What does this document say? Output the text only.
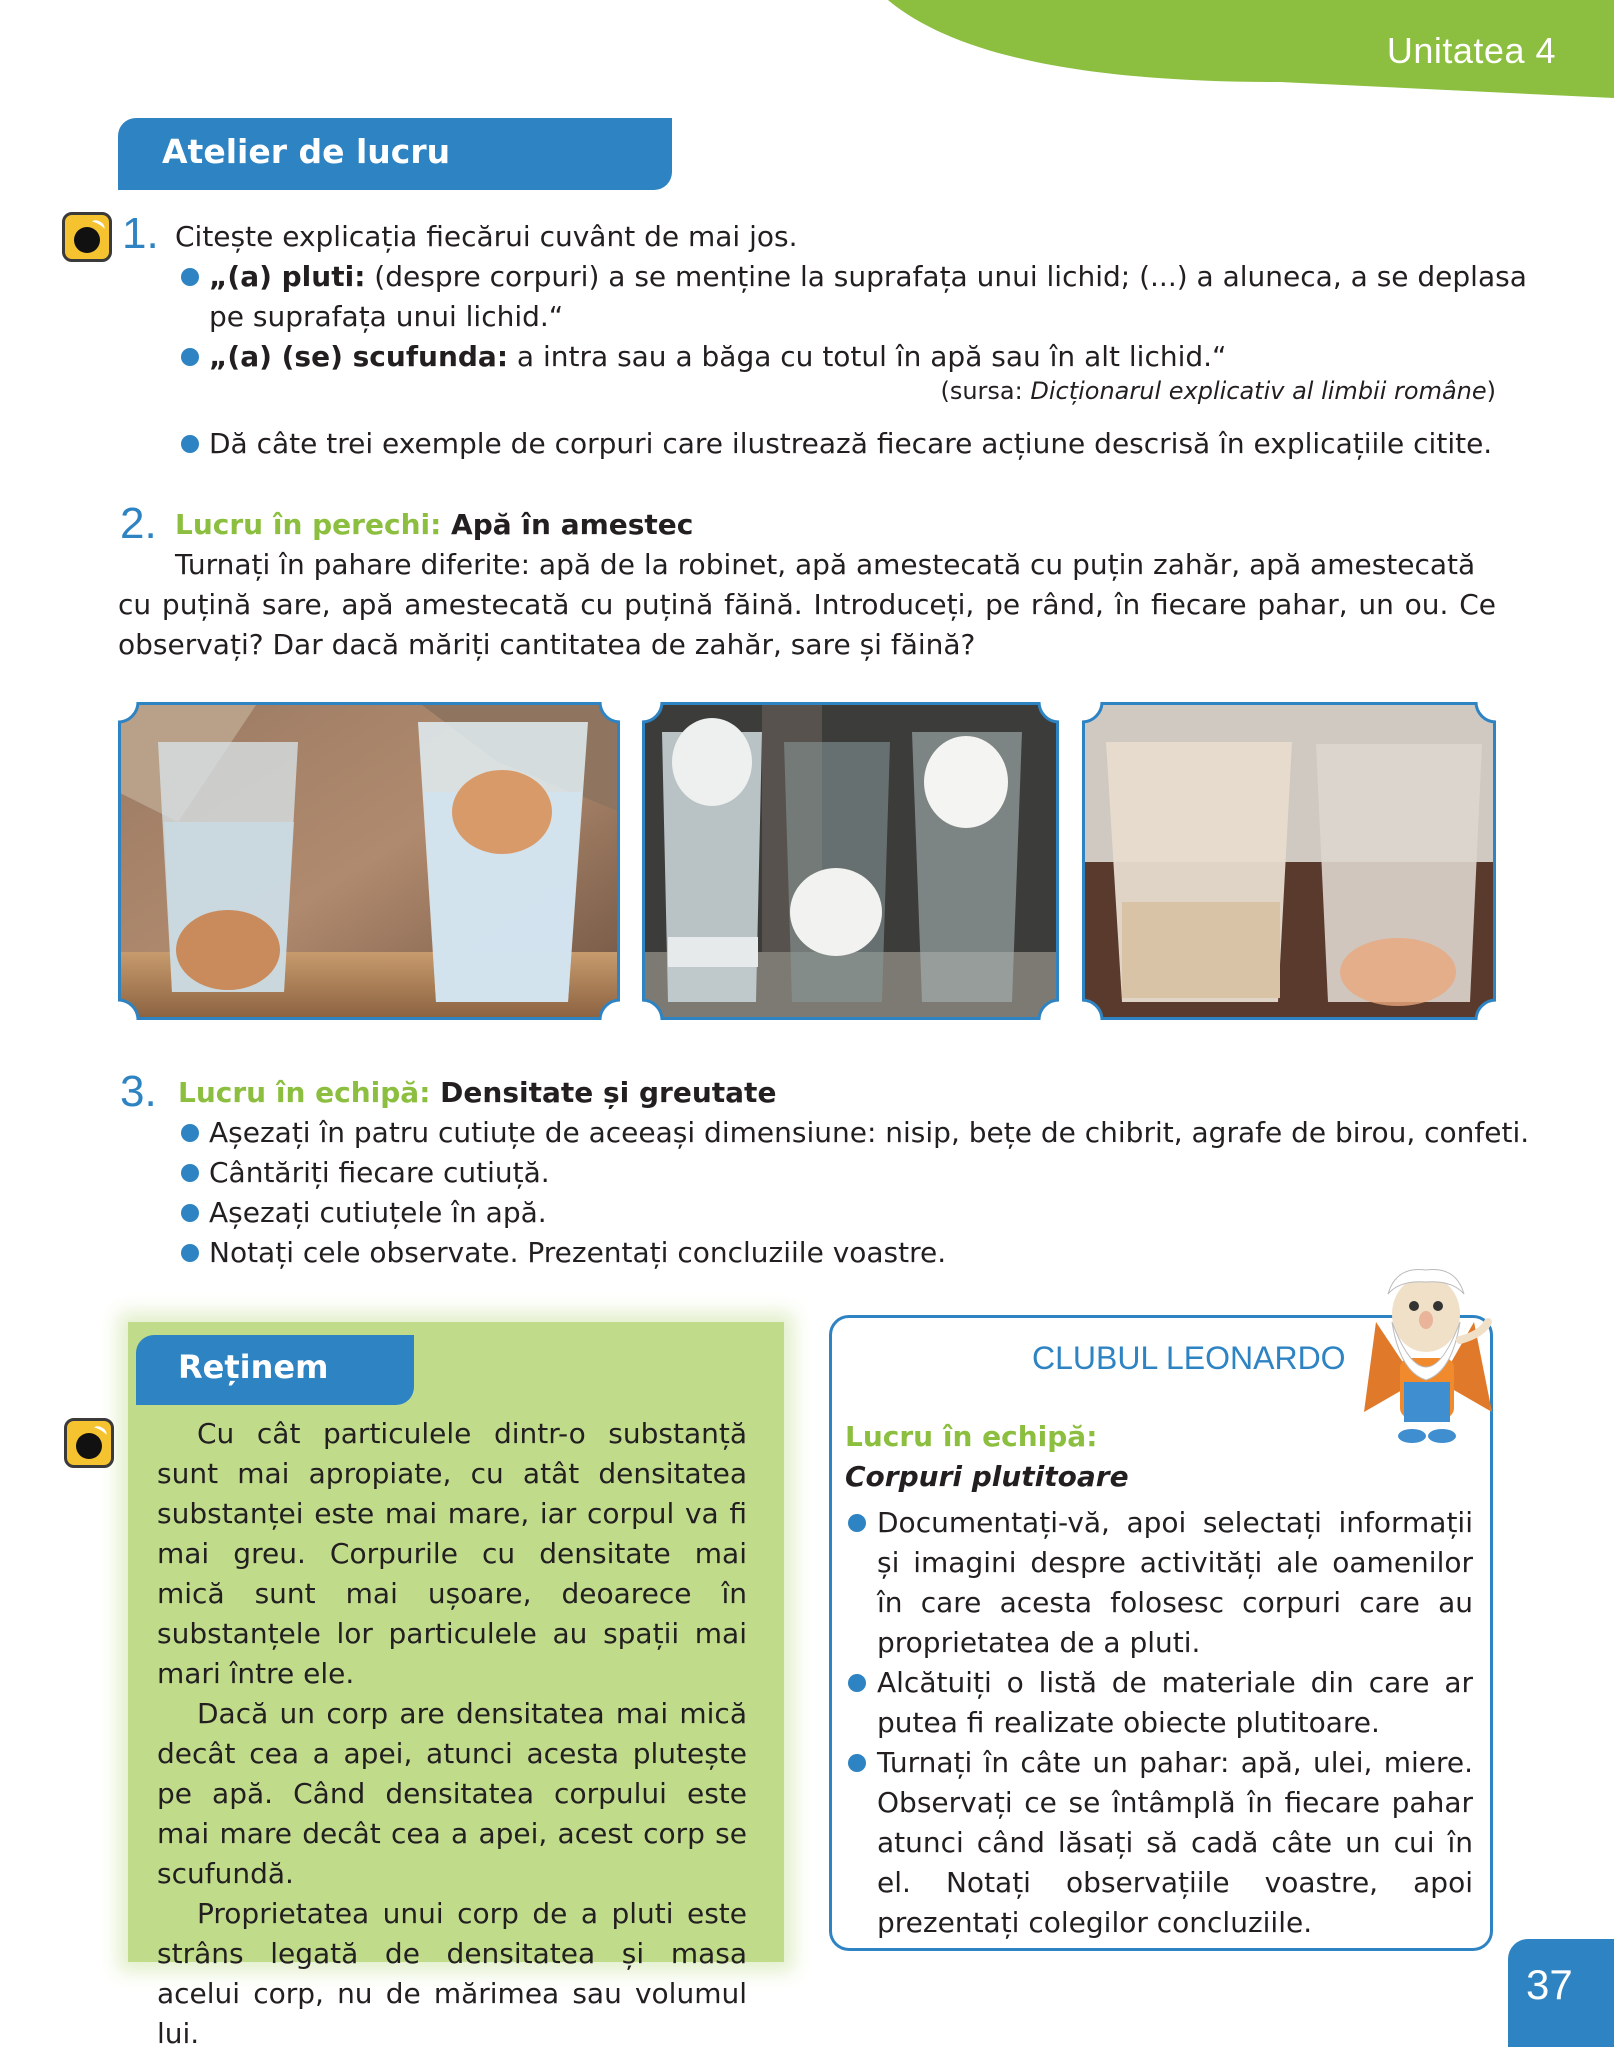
Unitatea 4
Atelier de lucru
1. Citește explicația fiecărui cuvânt de mai jos.
„(a) pluti: (despre corpuri) a se menține la suprafața unui lichid; (...) a aluneca, a se deplasa
pe suprafața unui lichid.“
„(a) (se) scufunda: a intra sau a băga cu totul în apă sau în alt lichid.“
(sursa: Dicționarul explicativ al limbii române)
Dă câte trei exemple de corpuri care ilustrează fiecare acțiune descrisă în explicațiile citite.
2. Lucru în perechi: Apă în amestec
Turnați în pahare diferite: apă de la robinet, apă amestecată cu puțin zahăr, apă amestecată
cu puțină sare, apă amestecată cu puțină făină. Introduceți, pe rând, în fiecare pahar, un ou. Ce
observați? Dar dacă măriți cantitatea de zahăr, sare și făină?
3. Lucru în echipă: Densitate și greutate
Așezați în patru cutiuțe de aceeași dimensiune: nisip, bețe de chibrit, agrafe de birou, confeti.
Cântăriți fiecare cutiuță.
Așezați cutiuțele în apă.
Notați cele observate. Prezentați concluziile voastre.
Reținem

Cu cât particulele dintr-o substanță sunt mai apropiate, cu atât densitatea substanței este mai mare, iar corpul va fi mai greu. Corpurile cu densitate mai mică sunt mai ușoare, deoarece în substanțele lor particulele au spații mai mari între ele.

Dacă un corp are densitatea mai mică decât cea a apei, atunci acesta plutește pe apă. Când densitatea corpului este mai mare decât cea a apei, acest corp se scufundă.

Proprietatea unui corp de a pluti este strâns legată de densitatea și masa acelui corp, nu de mărimea sau volumul lui.

CLUBUL LEONARDO
Lucru în echipă:
Corpuri plutitoare
Documentați-vă, apoi selectați informații și imagini despre activități ale oamenilor în care acesta folosesc corpuri care au proprietatea de a pluti.
Alcătuiți o listă de materiale din care ar putea fi realizate obiecte plutitoare.
Turnați în câte un pahar: apă, ulei, miere. Observați ce se întâmplă în fiecare pahar atunci când lăsați să cadă câte un cui în el. Notați observațiile voastre, apoi prezentați colegilor concluziile.
37
